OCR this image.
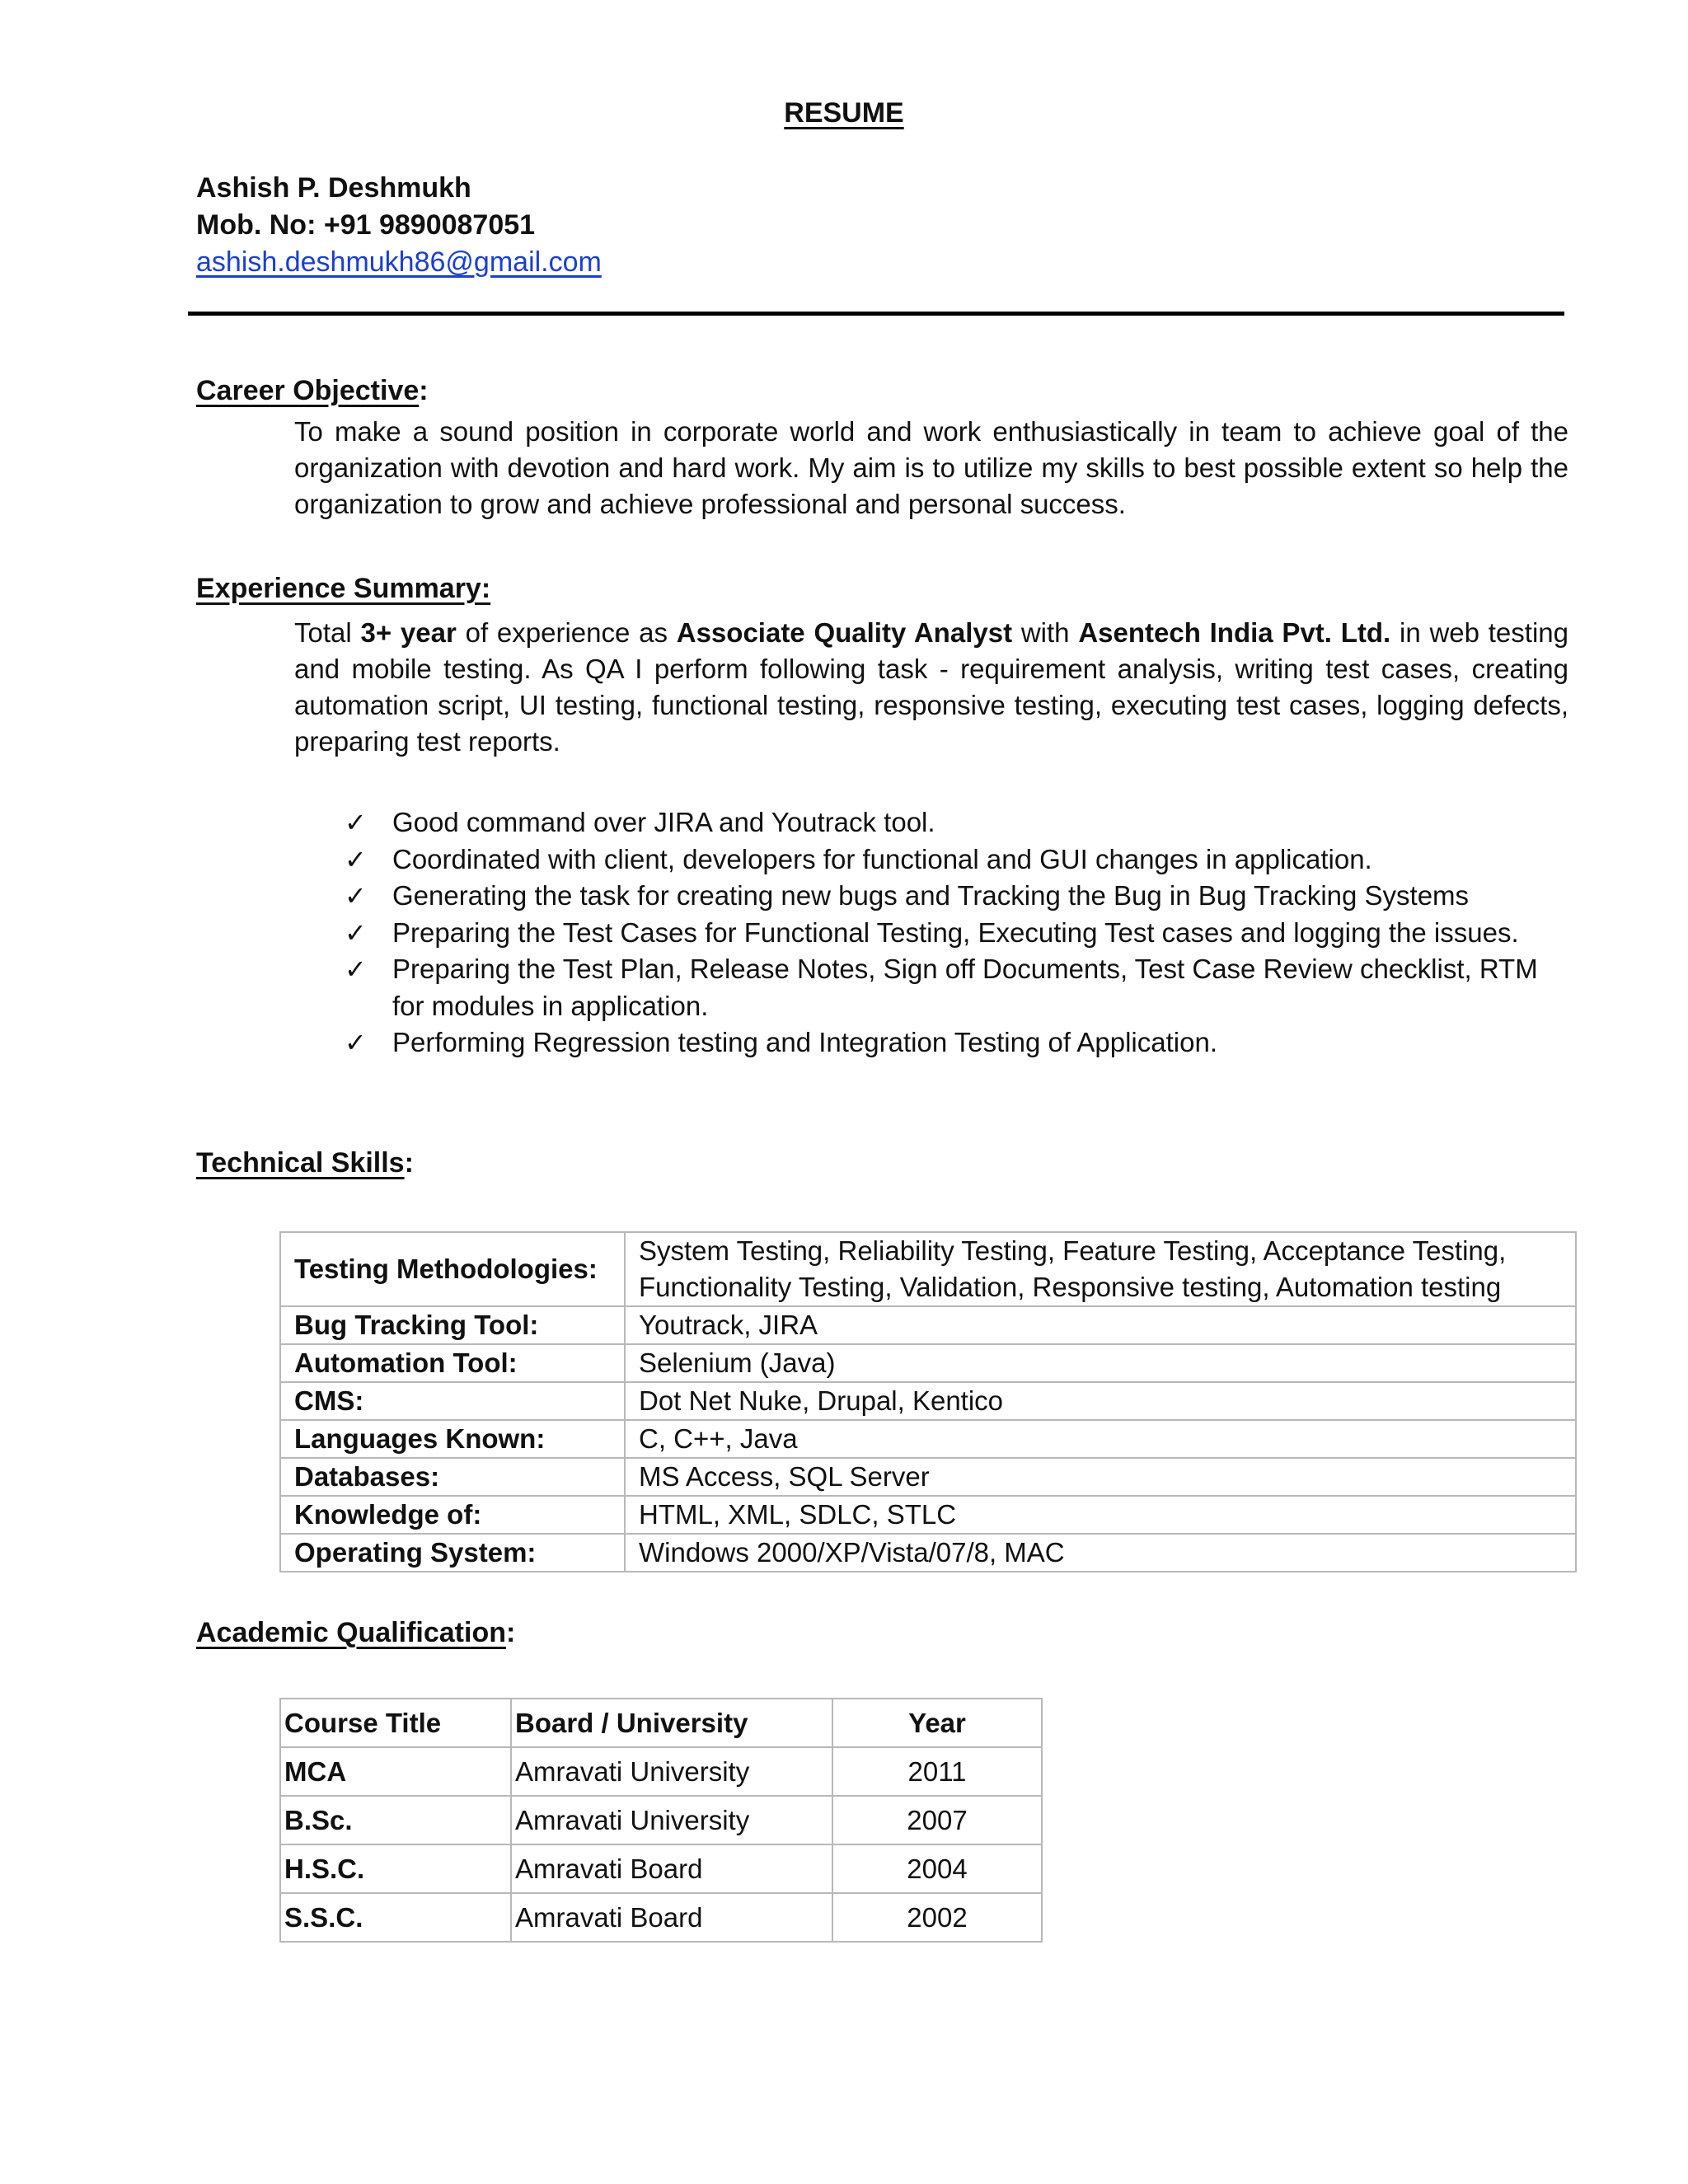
RESUME
Ashish P. Deshmukh
Mob. No: +91 9890087051
ashish.deshmukh86@gmail.com
Career Objective:
To make a sound position in corporate world and work enthusiastically in team to achieve goal of the organization with devotion and hard work. My aim is to utilize my skills to best possible extent so help the organization to grow and achieve professional and personal success.
Experience Summary:
Total 3+ year of experience as Associate Quality Analyst with Asentech India Pvt. Ltd. in web testing and mobile testing. As QA I perform following task - requirement analysis, writing test cases, creating automation script, UI testing, functional testing, responsive testing, executing test cases, logging defects, preparing test reports.
✓ Good command over JIRA and Youtrack tool.
✓ Coordinated with client, developers for functional and GUI changes in application.
✓ Generating the task for creating new bugs and Tracking the Bug in Bug Tracking Systems
✓ Preparing the Test Cases for Functional Testing, Executing Test cases and logging the issues.
✓ Preparing the Test Plan, Release Notes, Sign off Documents, Test Case Review checklist, RTM for modules in application.
✓ Performing Regression testing and Integration Testing of Application.
Technical Skills:
Testing Methodologies:	System Testing, Reliability Testing, Feature Testing, Acceptance Testing, Functionality Testing, Validation, Responsive testing, Automation testing
Bug Tracking Tool:	Youtrack, JIRA
Automation Tool:	Selenium (Java)
CMS:	Dot Net Nuke, Drupal, Kentico
Languages Known:	C, C++, Java
Databases:	MS Access, SQL Server
Knowledge of:	HTML, XML, SDLC, STLC
Operating System:	Windows 2000/XP/Vista/07/8, MAC
Academic Qualification:
Course Title	Board / University	Year
MCA	Amravati University	2011
B.Sc.	Amravati University	2007
H.S.C.	Amravati Board	2004
S.S.C.	Amravati Board	2002
